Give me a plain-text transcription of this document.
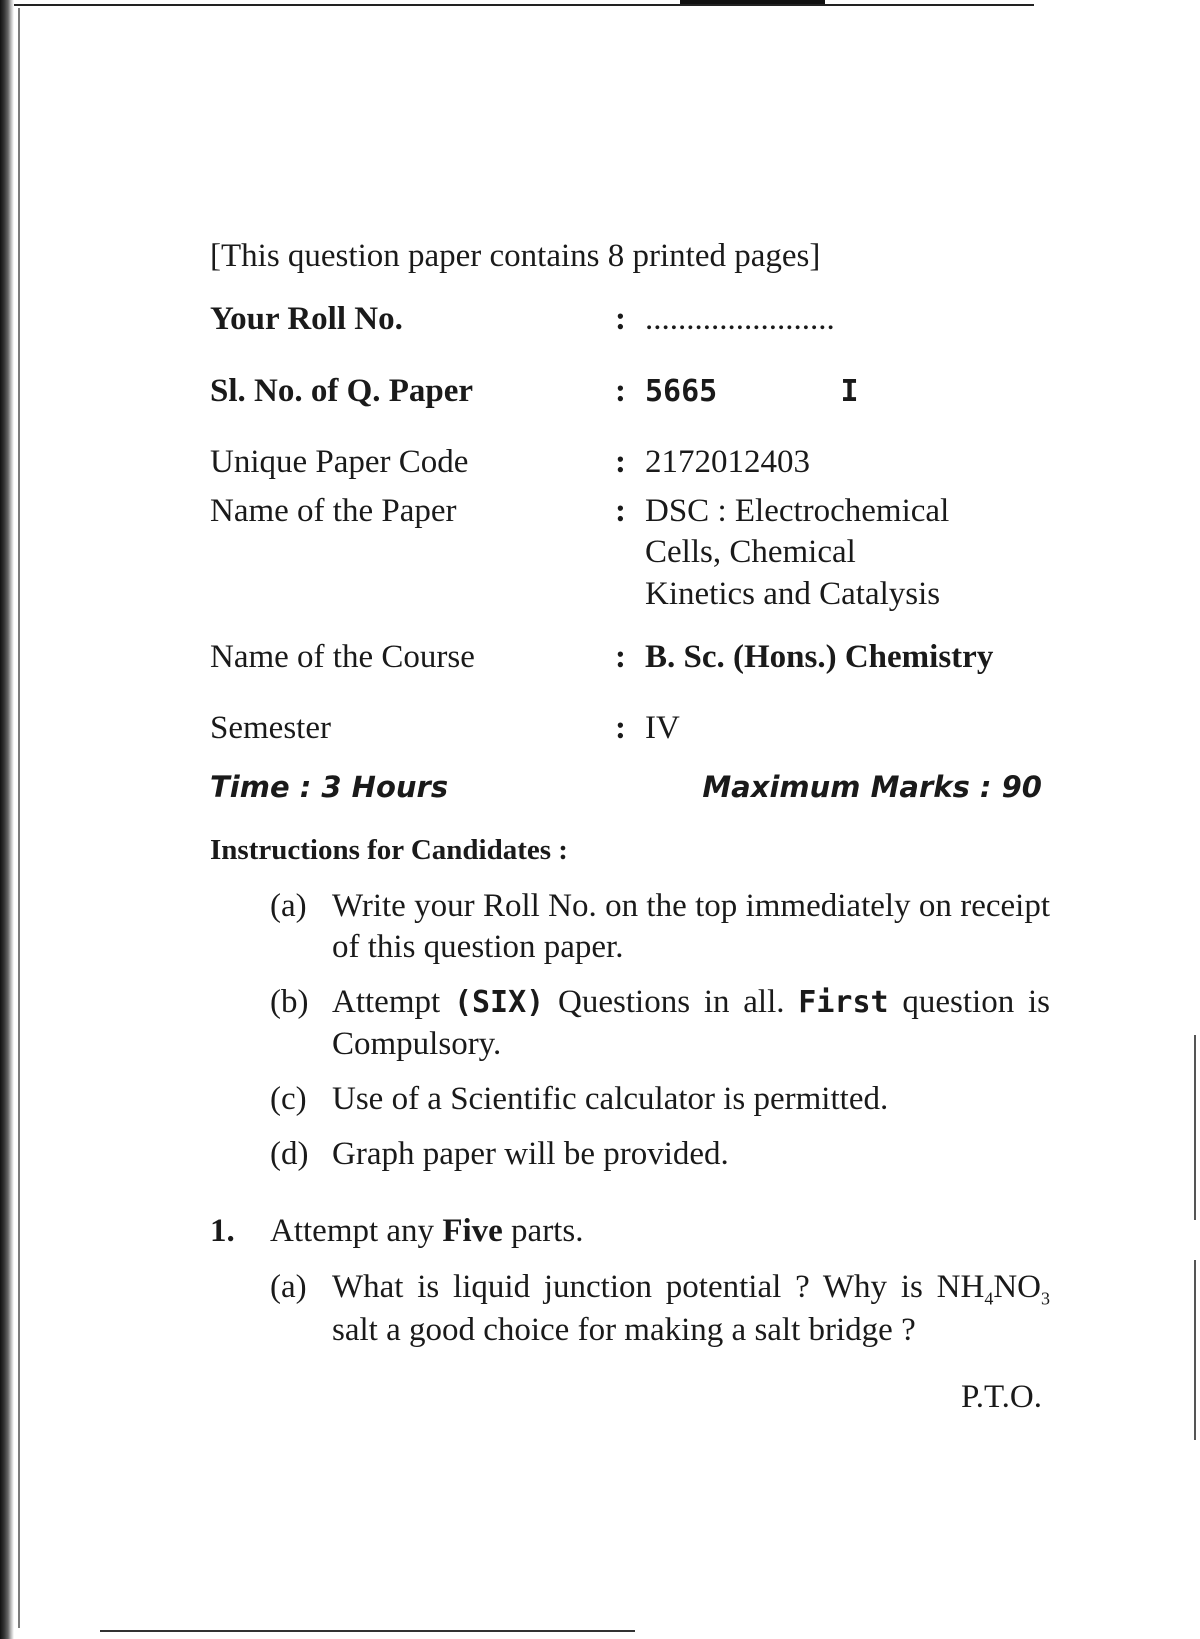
[This question paper contains 8 printed pages]
Your Roll No.	: .......................
Sl. No. of Q. Paper	: 5665	I
Unique Paper Code	: 2172012403
Name of the Paper	: DSC : Electrochemical
Cells, Chemical
Kinetics and Catalysis
Name of the Course	: B. Sc. (Hons.) Chemistry
Semester	: IV
Time : 3 Hours	Maximum Marks : 90
Instructions for Candidates :
(a) Write your Roll No. on the top immediately on receipt of this question paper.
(b) Attempt (SIX) Questions in all. First question is Compulsory.
(c) Use of a Scientific calculator is permitted.
(d) Graph paper will be provided.
1.	Attempt any Five parts.
(a) What is liquid junction potential ? Why is $NH_4NO_3$ salt a good choice for making a salt bridge ?
P.T.O.
